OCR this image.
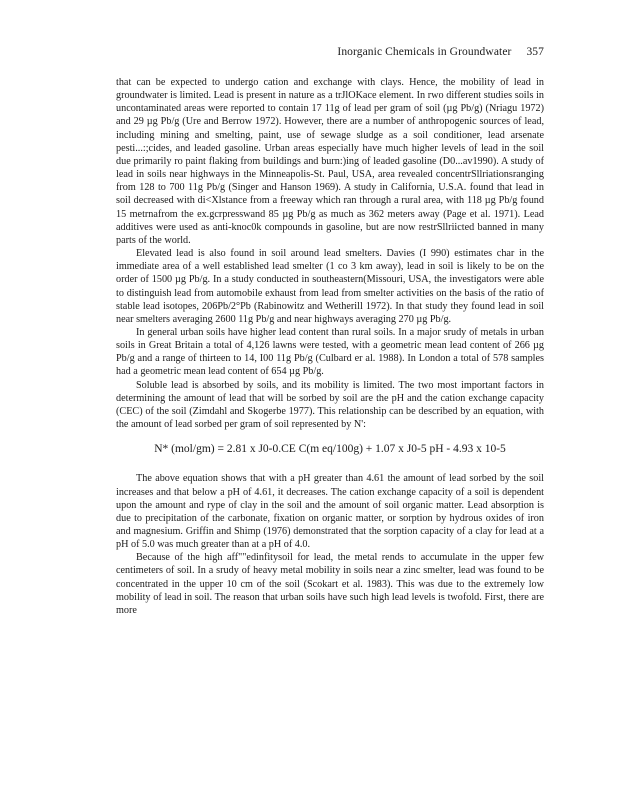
Inorganic Chemicals in Groundwater 357

that can be expected to undergo cation and exchange with clays. Hence, the mobility of lead in groundwater is limited. Lead is present in nature as a trJlOKace element. In rwo different studies soils in uncontaminated areas were reported to contain 17 11g of lead per gram of soil (µg Pb/g) (Nriagu 1972) and 29 µg Pb/g (Ure and Berrow 1972). However, there are a number of anthropogenic sources of lead, including mining and smelting, paint, use of sewage sludge as a soil conditioner, lead arsenate pesti...:;cides, and leaded gasoline. Urban areas especially have much higher levels of lead in the soil due primarily ro paint flaking from buildings and burn:)ing of leaded gasoline (D0...av1990). A study of lead in soils near highways in the Minneapolis-St. Paul, USA, area revealed concentrSllriationsranging from 128 to 700 11g Pb/g (Singer and Hanson 1969). A study in California, U.S.A. found that lead in soil decreased with di<Xlstance from a freeway which ran through a rural area, with 118 µg Pb/g found 15 metrnafrom the ex.gcrpresswand 85 µg Pb/g as much as 362 meters away (Page et al. 1971). Lead additives were used as anti-knoc0k compounds in gasoline, but are now restrSllriicted banned in many parts of the world.

Elevated lead is also found in soil around lead smelters. Davies (I 990) estimates char in the immediate area of a well established lead smelter (1 co 3 km away), lead in soil is likely to be on the order of 1500 µg Pb/g. In a study conducted in southeastern(Missouri, USA, the investigators were able to distinguish lead from automobile exhaust from lead from smelter activities on the basis of the ratio of stable lead isotopes, 206Pb/2°Pb (Rabinowitz and Wetherill 1972). In that study they found lead in soil near smelters averaging 2600 11g Pb/g and near highways averaging 270 µg Pb/g.

In general urban soils have higher lead content than rural soils. In a major srudy of metals in urban soils in Great Britain a total of 4,126 lawns were tested, with a geometric mean lead content of 266 µg Pb/g and a range of thirteen to 14, I00 11g Pb/g (Culbard er al. 1988). In London a total of 578 samples had a geometric mean lead content of 654 µg Pb/g.

Soluble lead is absorbed by soils, and its mobility is limited. The two most important factors in determining the amount of lead that will be sorbed by soil are the pH and the cation exchange capacity (CEC) of the soil (Zimdahl and Skogerbe 1977). This relationship can be described by an equation, with the amount of lead sorbed per gram of soil represented by N':

N* (mol/gm) = 2.81 x J0-0.CE C(m eq/100g) + 1.07 x J0-5 pH - 4.93 x 10-5

The above equation shows that with a pH greater than 4.61 the amount of lead sorbed by the soil increases and that below a pH of 4.61, it decreases. The cation exchange capacity of a soil is dependent upon the amount and rype of clay in the soil and the amount of soil organic matter. Lead absorption is due to precipitation of the carbonate, fixation on organic matter, or sorption by hydrous oxides of iron and magnesium. Griffin and Shimp (1976) demonstrated that the sorption capacity of a clay for lead at a pH of 5.0 was much greater than at a pH of 4.0.

Because of the high aff""edinfitysoil for lead, the metal rends to accumulate in the upper few centimeters of soil. In a srudy of heavy metal mobility in soils near a zinc smelter, lead was found to be concentrated in the upper 10 cm of the soil (Scokart et al. 1983). This was due to the extremely low mobility of lead in soil. The reason that urban soils have such high lead levels is twofold. First, there are more
